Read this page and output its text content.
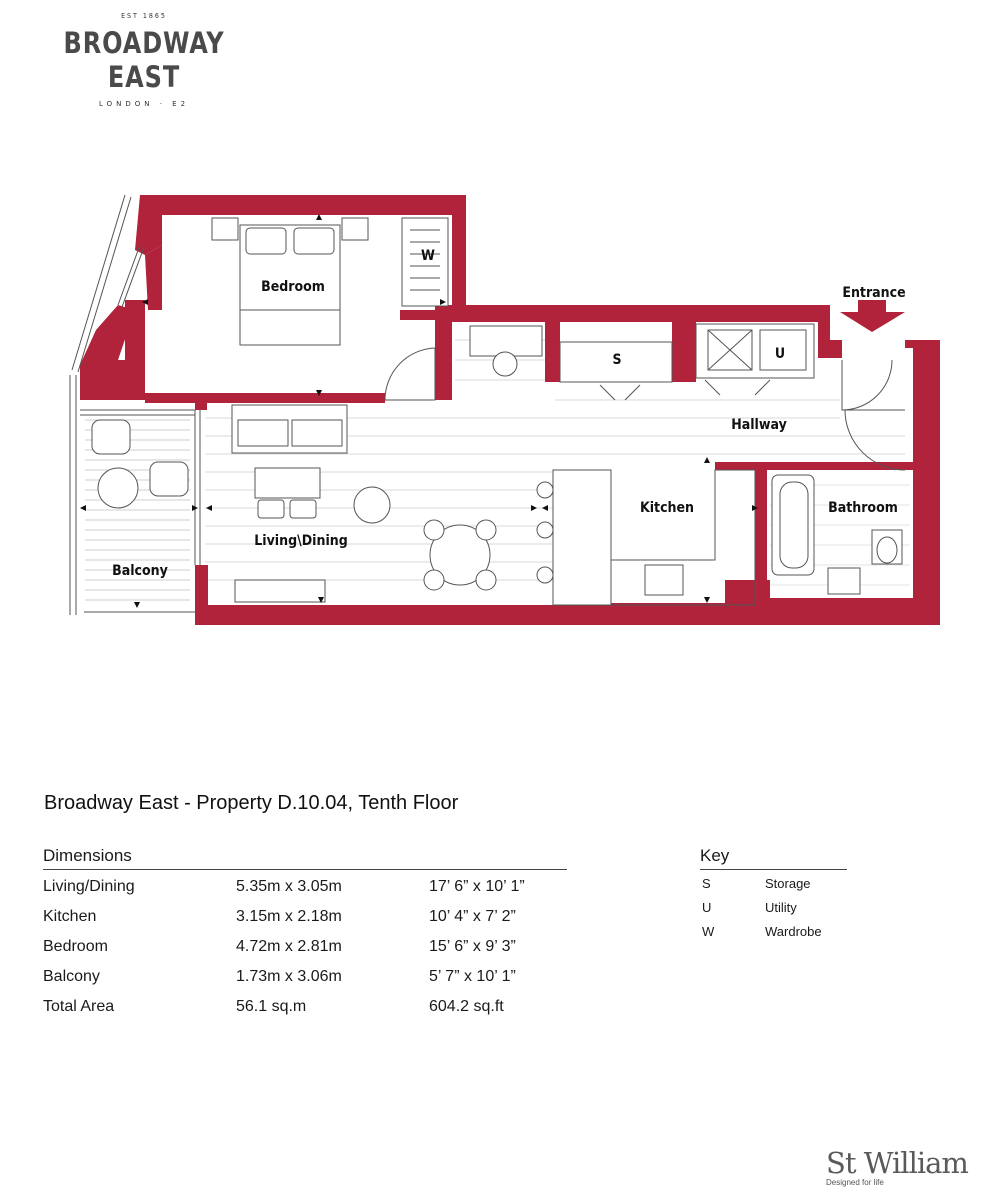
EST 1865
BROADWAY EAST
LONDON · E2
Bedroom
W
S	U
Entrance
Hallway
Kitchen	Bathroom
Living\Dining
Balcony
Broadway East - Property D.10.04, Tenth Floor
Dimensions
Living/Dining	5.35m x 3.05m	17’ 6” x 10’ 1”
Kitchen	3.15m x 2.18m	10’ 4” x 7’ 2”
Bedroom	4.72m x 2.81m	15’ 6” x 9’ 3”
Balcony	1.73m x 3.06m	5’ 7” x 10’ 1”
Total Area	56.1 sq.m	604.2 sq.ft
Key
S	Storage
U	Utility
W	Wardrobe
St William
Designed for life
